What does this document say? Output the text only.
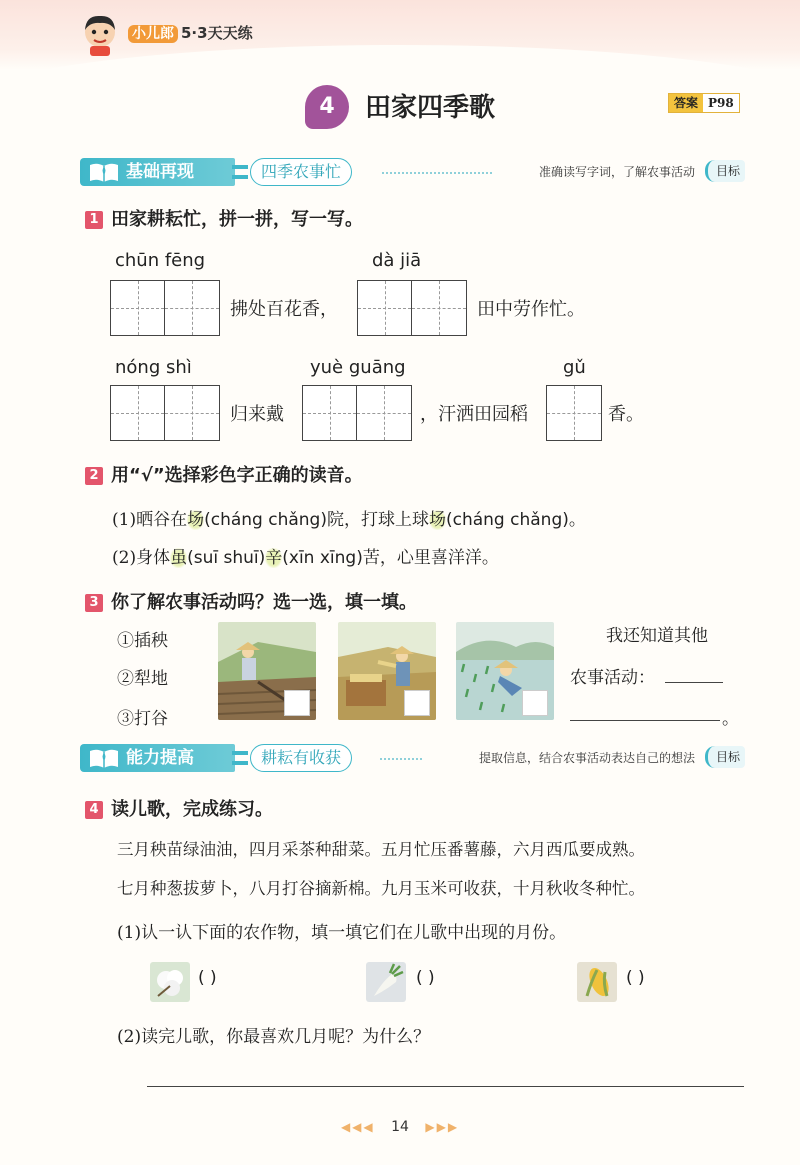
小儿郎 5·3天天练
4	田家四季歌	答案 P98
基础再现	四季农事忙	准确读写字词，了解农事活动	目标
1 田家耕耘忙，拼一拼，写一写。
chūn fēng	dà jiā
拂处百花香，	田中劳作忙。
nóng shì	yuè guāng	gǔ
归来戴	，汗洒田园稻	香。
2 用“√”选择彩色字正确的读音。
(1)晒谷在场(cháng chǎng)院，打球上球场(cháng chǎng)。
(2)身体虽(suī shuī)辛(xīn xīng)苦，心里喜洋洋。
3 你了解农事活动吗？选一选，填一填。
①插秧
②犁地
③打谷
我还知道其他
农事活动：
。
能力提高	耕耘有收获	提取信息，结合农事活动表达自己的想法	目标
4 读儿歌，完成练习。
三月秧苗绿油油，四月采茶种甜菜。五月忙压番薯藤，六月西瓜要成熟。
七月种葱拔萝卜，八月打谷摘新棉。九月玉米可收获，十月秋收冬种忙。
(1)认一认下面的农作物，填一填它们在儿歌中出现的月份。
( )	( )	( )
(2)读完儿歌，你最喜欢几月呢？为什么？
◀◀◀ 14 ▶▶▶
